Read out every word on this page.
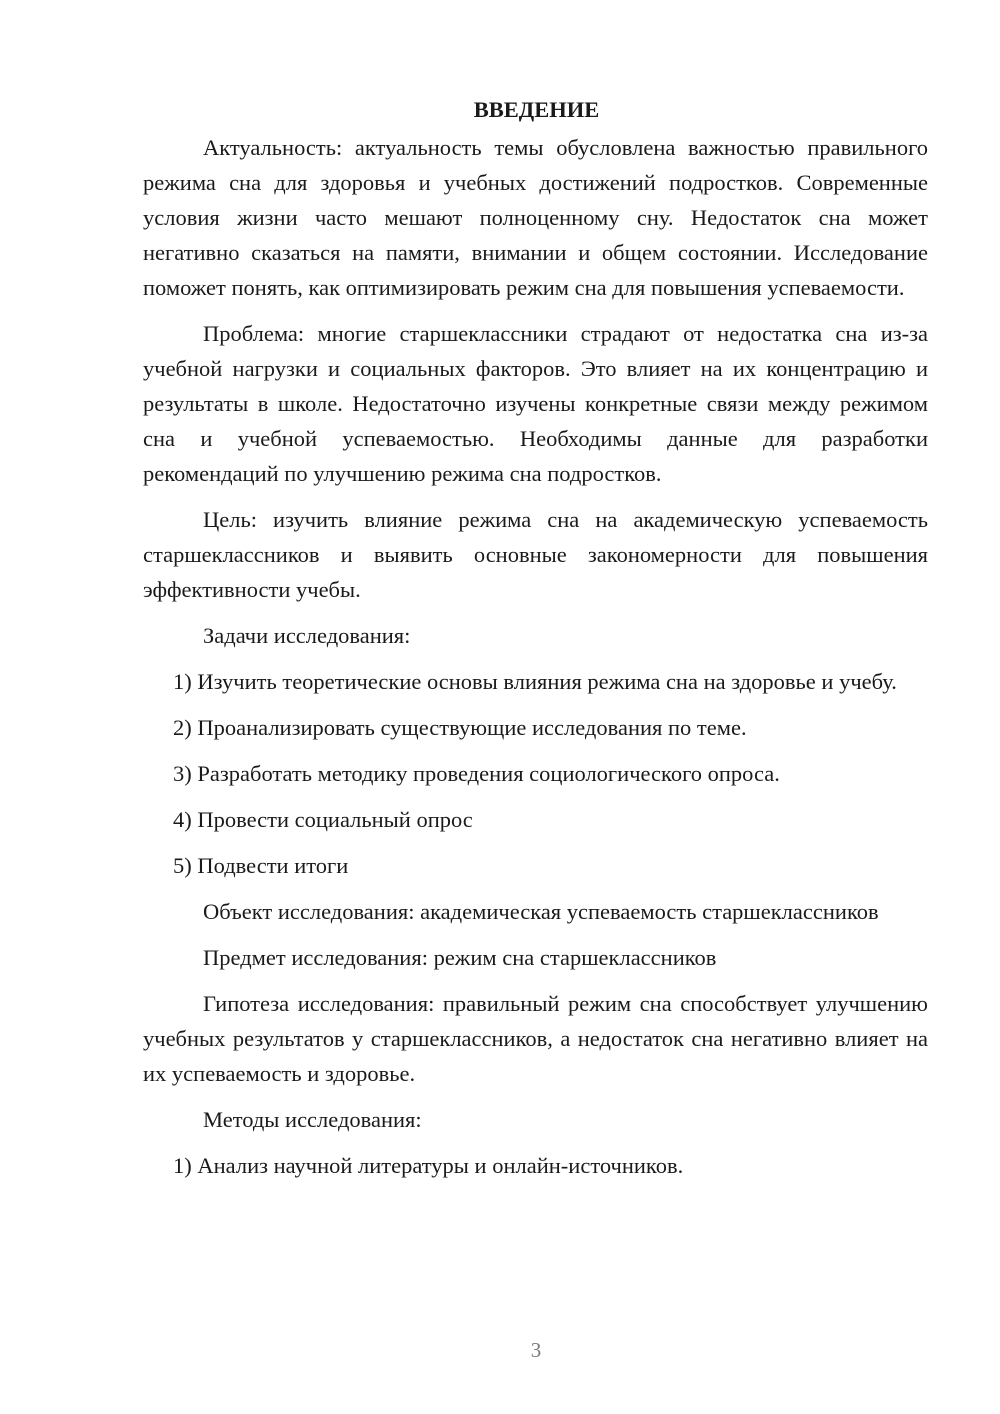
ВВЕДЕНИЕ

Актуальность: актуальность темы обусловлена важностью правильного режима сна для здоровья и учебных достижений подростков. Современные условия жизни часто мешают полноценному сну. Недостаток сна может негативно сказаться на памяти, внимании и общем состоянии. Исследование поможет понять, как оптимизировать режим сна для повышения успеваемости.

Проблема: многие старшеклассники страдают от недостатка сна из-за учебной нагрузки и социальных факторов. Это влияет на их концентрацию и результаты в школе. Недостаточно изучены конкретные связи между режимом сна и учебной успеваемостью. Необходимы данные для разработки рекомендаций по улучшению режима сна подростков.

Цель: изучить влияние режима сна на академическую успеваемость старшеклассников и выявить основные закономерности для повышения эффективности учебы.

Задачи исследования:

1) Изучить теоретические основы влияния режима сна на здоровье и учебу.

2) Проанализировать существующие исследования по теме.

3) Разработать методику проведения социологического опроса.

4) Провести социальный опрос

5) Подвести итоги

Объект исследования: академическая успеваемость старшеклассников

Предмет исследования: режим сна старшеклассников

Гипотеза исследования: правильный режим сна способствует улучшению учебных результатов у старшеклассников, а недостаток сна негативно влияет на их успеваемость и здоровье.

Методы исследования:

1) Анализ научной литературы и онлайн-источников.

3
